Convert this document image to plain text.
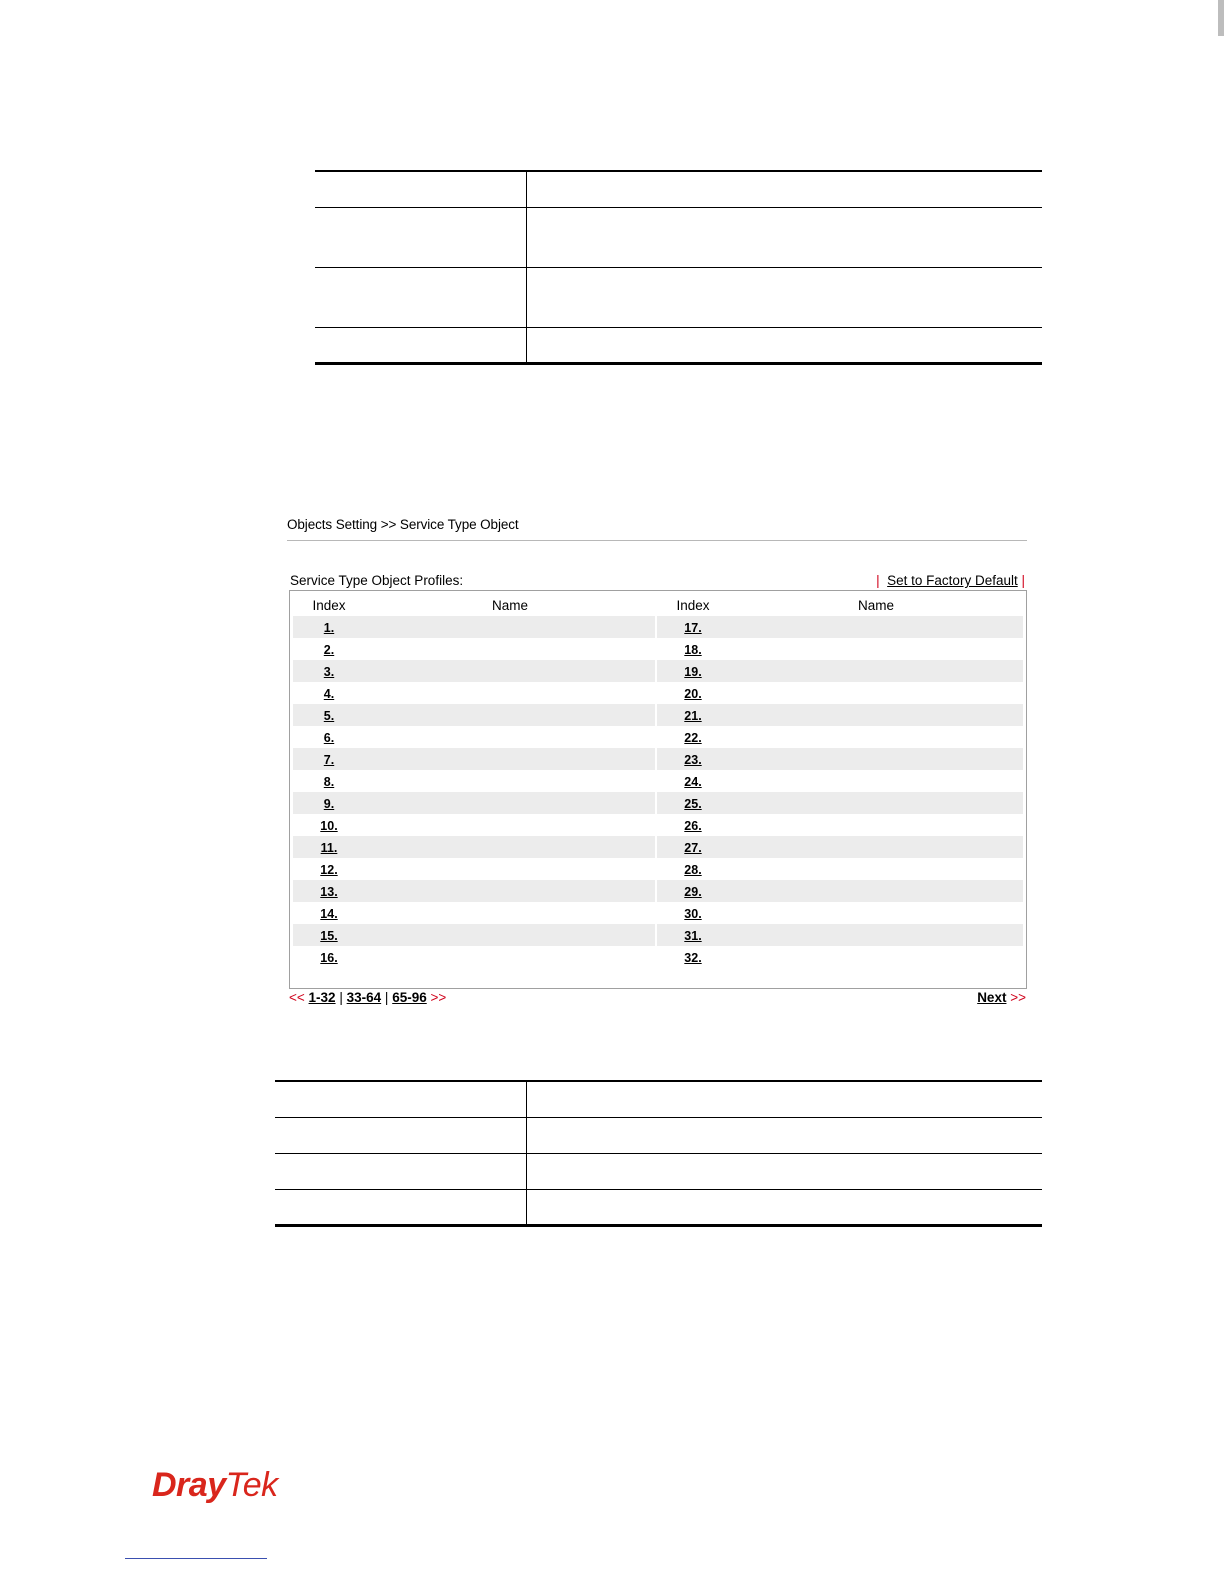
Objects Setting >> Service Type Object
Service Type Object Profiles:	| Set to Factory Default |
Index	Name		Index	Name
1.			17.	
2.			18.	
3.			19.	
4.			20.	
5.			21.	
6.			22.	
7.			23.	
8.			24.	
9.			25.	
10.			26.	
11.			27.	
12.			28.	
13.			29.	
14.			30.	
15.			31.	
16.			32.	
<< 1-32 | 33-64 | 65-96 >>	Next >>

DrayTek
